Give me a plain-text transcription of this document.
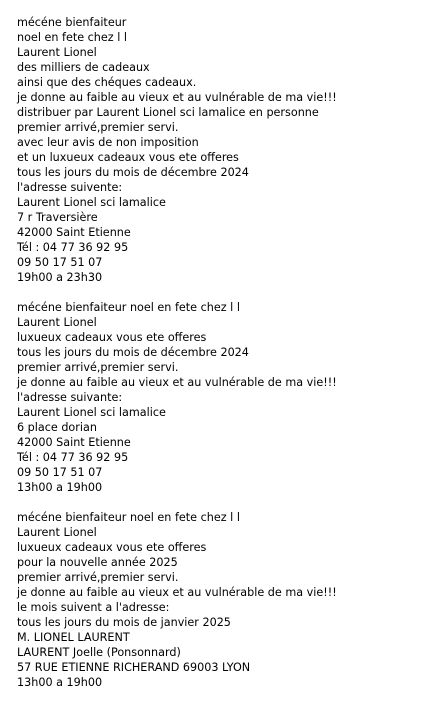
mécéne bienfaiteur
noel en fete chez l l
Laurent Lionel
des milliers de cadeaux
ainsi que des chéques cadeaux.
je donne au faible au vieux et au vulnérable de ma vie!!!
distribuer par Laurent Lionel sci lamalice en personne
premier arrivé,premier servi.
avec leur avis de non imposition
et un luxueux cadeaux vous ete offeres
tous les jours du mois de décembre 2024
l'adresse suivente:
Laurent Lionel sci lamalice
7 r Traversière
42000 Saint Etienne
Tél : 04 77 36 92 95
09 50 17 51 07
19h00 a 23h30
mécéne bienfaiteur noel en fete chez l l
Laurent Lionel
luxueux cadeaux vous ete offeres
tous les jours du mois de décembre 2024
premier arrivé,premier servi.
je donne au faible au vieux et au vulnérable de ma vie!!!
l'adresse suivante:
Laurent Lionel sci lamalice
6 place dorian
42000 Saint Etienne
Tél : 04 77 36 92 95
09 50 17 51 07
13h00 a 19h00
mécéne bienfaiteur noel en fete chez l l
Laurent Lionel
luxueux cadeaux vous ete offeres
pour la nouvelle année 2025
premier arrivé,premier servi.
je donne au faible au vieux et au vulnérable de ma vie!!!
le mois suivent a l'adresse:
tous les jours du mois de janvier 2025
M. LIONEL LAURENT
LAURENT Joelle (Ponsonnard)
57 RUE ETIENNE RICHERAND 69003 LYON
13h00 a 19h00
